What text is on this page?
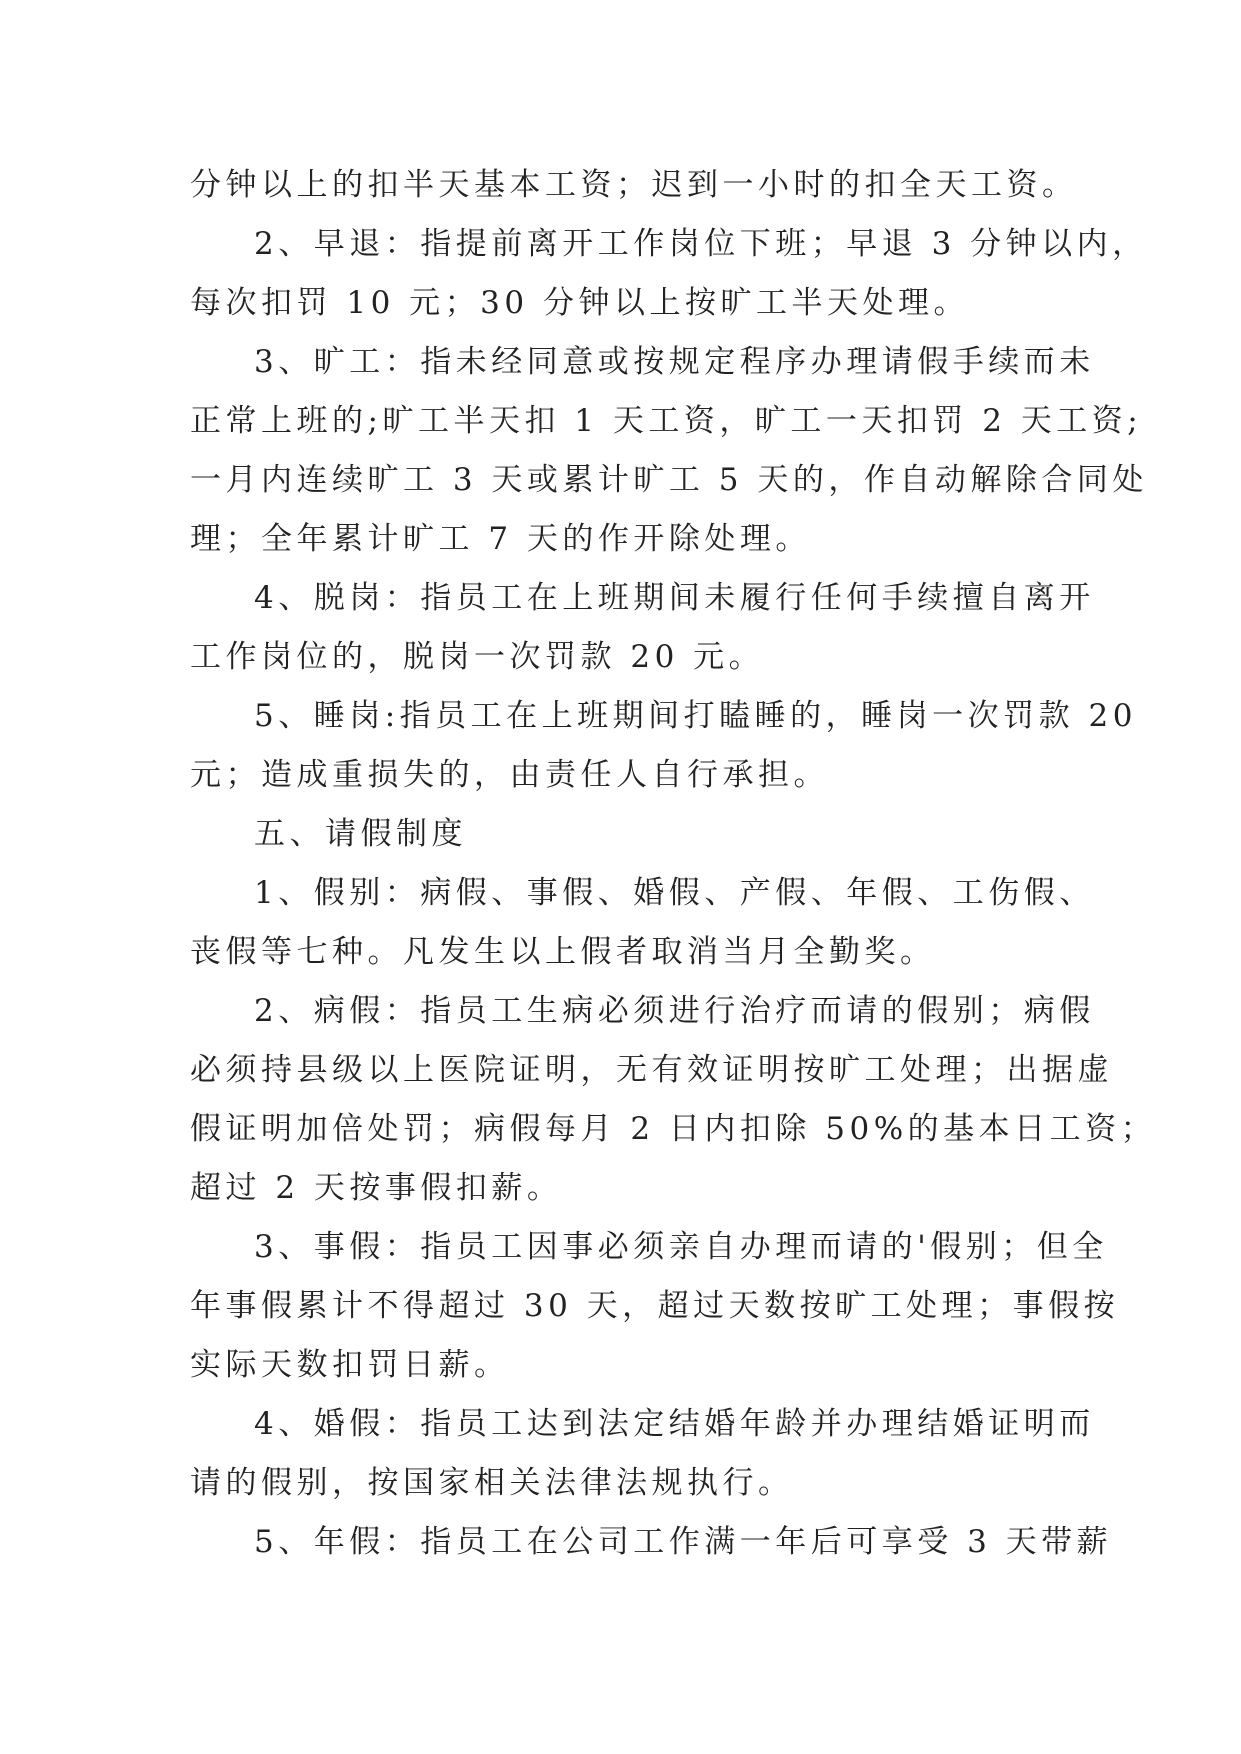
分钟以上的扣半天基本工资；迟到一小时的扣全天工资。
2、早退：指提前离开工作岗位下班；早退 3 分钟以内，
每次扣罚 10 元；30 分钟以上按旷工半天处理。
3、旷工：指未经同意或按规定程序办理请假手续而未
正常上班的;旷工半天扣 1 天工资，旷工一天扣罚 2 天工资;
一月内连续旷工 3 天或累计旷工 5 天的，作自动解除合同处
理；全年累计旷工 7 天的作开除处理。
4、脱岗：指员工在上班期间未履行任何手续擅自离开
工作岗位的，脱岗一次罚款 20 元。
5、睡岗:指员工在上班期间打瞌睡的，睡岗一次罚款 20
元；造成重损失的，由责任人自行承担。
五、请假制度
1、假别：病假、事假、婚假、产假、年假、工伤假、
丧假等七种。凡发生以上假者取消当月全勤奖。
2、病假：指员工生病必须进行治疗而请的假别；病假
必须持县级以上医院证明，无有效证明按旷工处理；出据虚
假证明加倍处罚；病假每月 2 日内扣除 50%的基本日工资；
超过 2 天按事假扣薪。
3、事假：指员工因事必须亲自办理而请的'假别；但全
年事假累计不得超过 30 天，超过天数按旷工处理；事假按
实际天数扣罚日薪。
4、婚假：指员工达到法定结婚年龄并办理结婚证明而
请的假别，按国家相关法律法规执行。
5、年假：指员工在公司工作满一年后可享受 3 天带薪
